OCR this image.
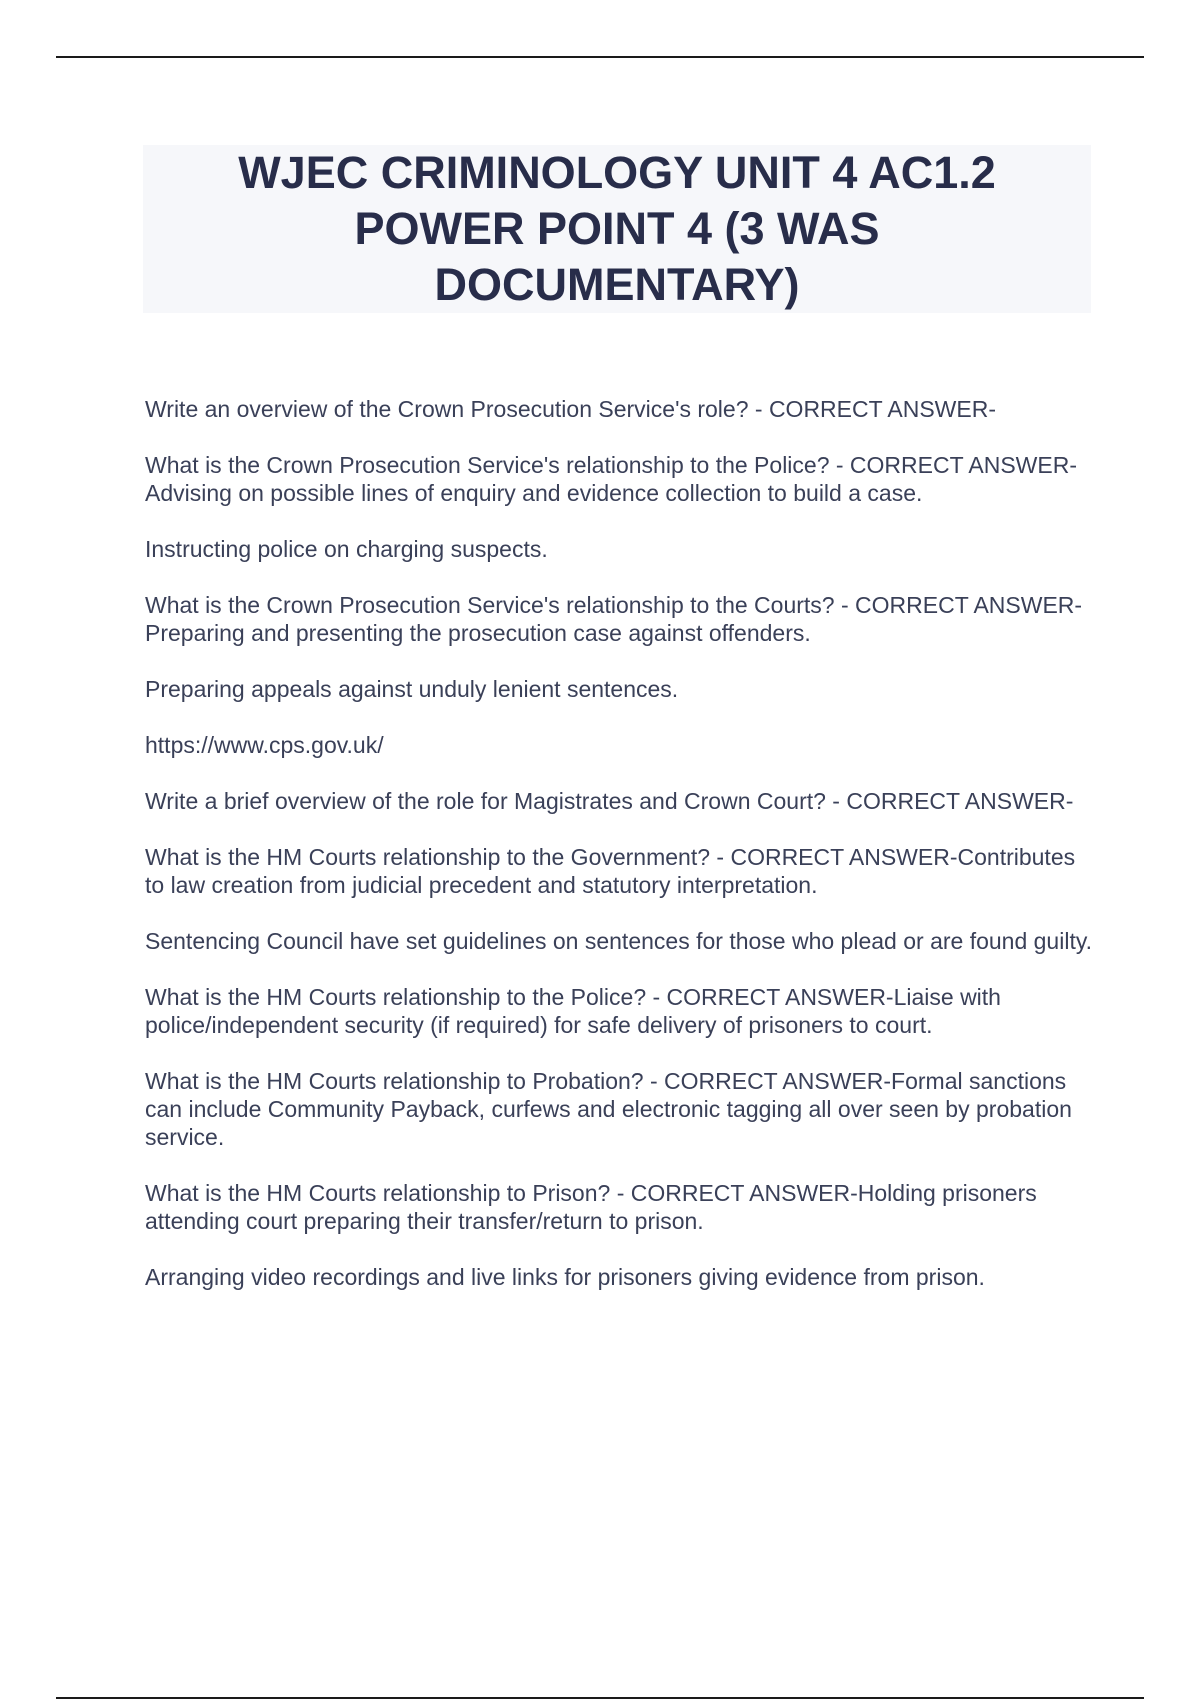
WJEC CRIMINOLOGY UNIT 4 AC1.2 POWER POINT 4 (3 WAS DOCUMENTARY)

Write an overview of the Crown Prosecution Service's role? - CORRECT ANSWER-

What is the Crown Prosecution Service's relationship to the Police? - CORRECT ANSWER-Advising on possible lines of enquiry and evidence collection to build a case.

Instructing police on charging suspects.

What is the Crown Prosecution Service's relationship to the Courts? - CORRECT ANSWER-Preparing and presenting the prosecution case against offenders.

Preparing appeals against unduly lenient sentences.

https://www.cps.gov.uk/

Write a brief overview of the role for Magistrates and Crown Court? - CORRECT ANSWER-

What is the HM Courts relationship to the Government? - CORRECT ANSWER-Contributes to law creation from judicial precedent and statutory interpretation.

Sentencing Council have set guidelines on sentences for those who plead or are found guilty.

What is the HM Courts relationship to the Police? - CORRECT ANSWER-Liaise with police/independent security (if required) for safe delivery of prisoners to court.

What is the HM Courts relationship to Probation? - CORRECT ANSWER-Formal sanctions can include Community Payback, curfews and electronic tagging all over seen by probation service.

What is the HM Courts relationship to Prison? - CORRECT ANSWER-Holding prisoners attending court preparing their transfer/return to prison.

Arranging video recordings and live links for prisoners giving evidence from prison.
